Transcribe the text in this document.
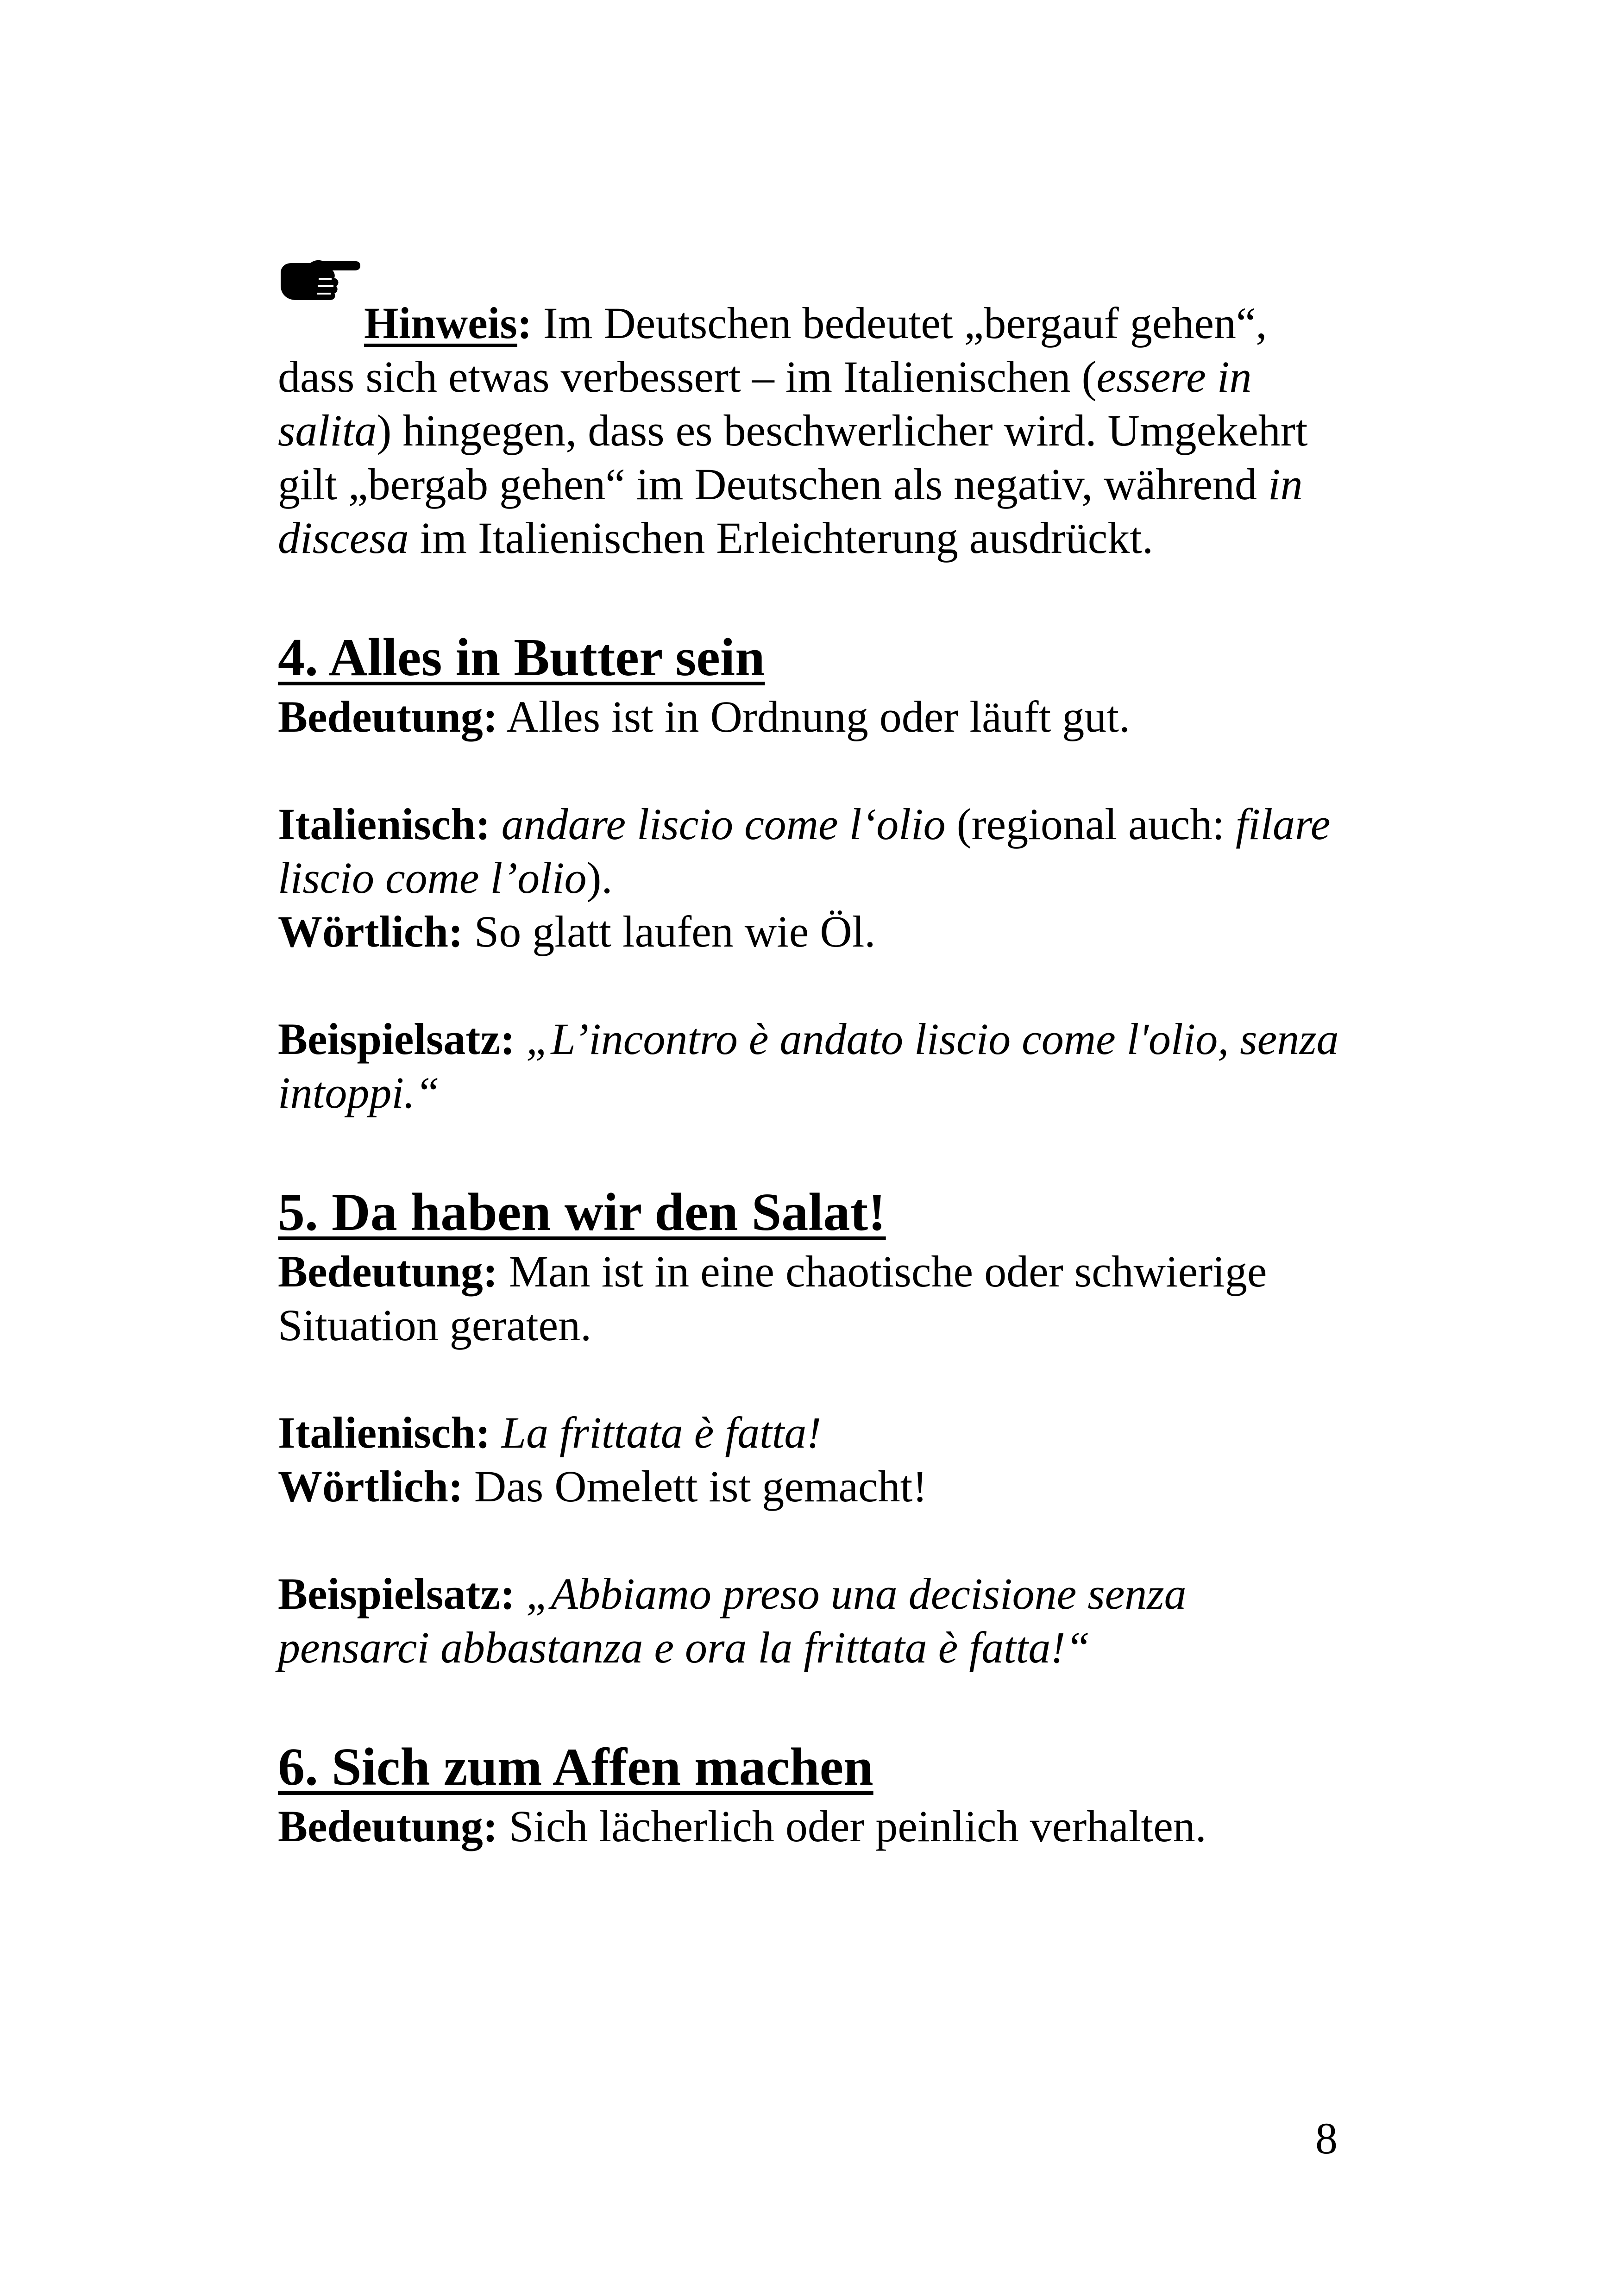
Hinweis: Im Deutschen bedeutet „bergauf gehen“, dass sich etwas verbessert – im Italienischen (essere in salita) hingegen, dass es beschwerlicher wird. Umgekehrt gilt „bergab gehen“ im Deutschen als negativ, während in discesa im Italienischen Erleichterung ausdrückt.

4. Alles in Butter sein

Bedeutung: Alles ist in Ordnung oder läuft gut.

Italienisch: andare liscio come l‘olio (regional auch: filare liscio come l’olio).

Wörtlich: So glatt laufen wie Öl.

Beispielsatz: „L’incontro è andato liscio come l'olio, senza intoppi.“

5. Da haben wir den Salat!

Bedeutung: Man ist in eine chaotische oder schwierige Situation geraten.

Italienisch: La frittata è fatta!

Wörtlich: Das Omelett ist gemacht!

Beispielsatz: „Abbiamo preso una decisione senza pensarci abbastanza e ora la frittata è fatta!“

6. Sich zum Affen machen

Bedeutung: Sich lächerlich oder peinlich verhalten.

8
